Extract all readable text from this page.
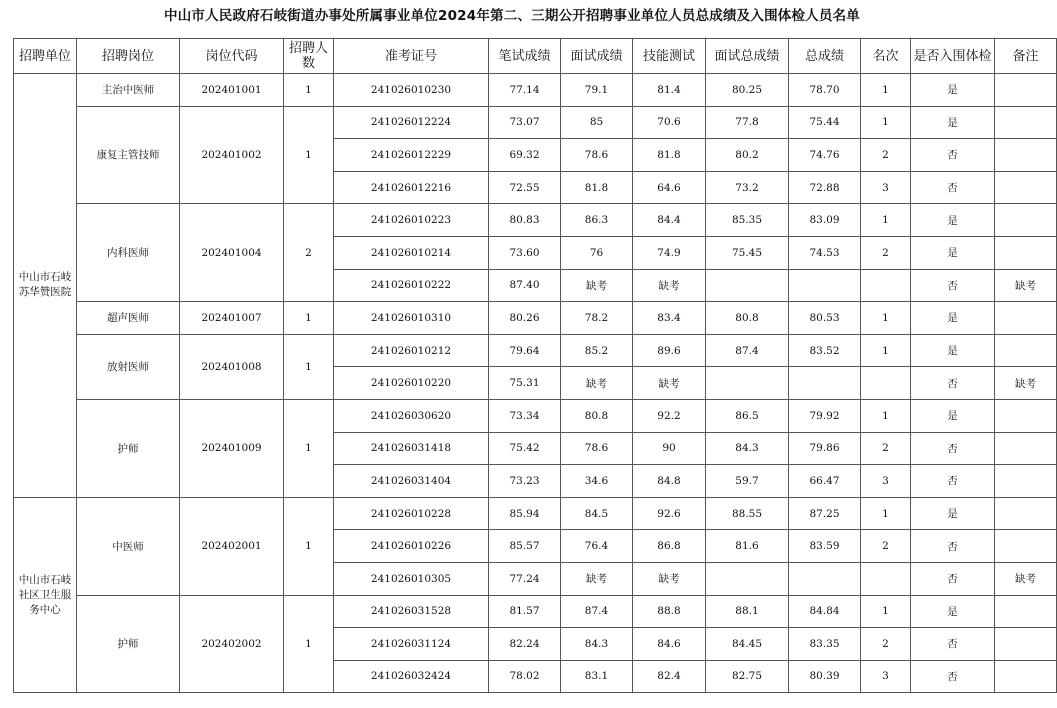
中山市人民政府石岐街道办事处所属事业单位2024年第二、三期公开招聘事业单位人员总成绩及入围体检人员名单
招聘单位	招聘岗位	岗位代码	招聘人数	准考证号	笔试成绩	面试成绩	技能测试	面试总成绩	总成绩	名次	是否入围体检	备注
中山市石岐苏华赞医院	主治中医师	202401001	1	241026010230	77.14	79.1	81.4	80.25	78.70	1	是	
	康复主管技师	202401002	1	241026012224	73.07	85	70.6	77.8	75.44	1	是	
				241026012229	69.32	78.6	81.8	80.2	74.76	2	否	
				241026012216	72.55	81.8	64.6	73.2	72.88	3	否	
	内科医师	202401004	2	241026010223	80.83	86.3	84.4	85.35	83.09	1	是	
				241026010214	73.60	76	74.9	75.45	74.53	2	是	
				241026010222	87.40	缺考	缺考				否	缺考
	超声医师	202401007	1	241026010310	80.26	78.2	83.4	80.8	80.53	1	是	
	放射医师	202401008	1	241026010212	79.64	85.2	89.6	87.4	83.52	1	是	
				241026010220	75.31	缺考	缺考				否	缺考
	护师	202401009	1	241026030620	73.34	80.8	92.2	86.5	79.92	1	是	
				241026031418	75.42	78.6	90	84.3	79.86	2	否	
				241026031404	73.23	34.6	84.8	59.7	66.47	3	否	
中山市石岐社区卫生服务中心	中医师	202402001	1	241026010228	85.94	84.5	92.6	88.55	87.25	1	是	
				241026010226	85.57	76.4	86.8	81.6	83.59	2	否	
				241026010305	77.24	缺考	缺考				否	缺考
	护师	202402002	1	241026031528	81.57	87.4	88.8	88.1	84.84	1	是	
				241026031124	82.24	84.3	84.6	84.45	83.35	2	否	
				241026032424	78.02	83.1	82.4	82.75	80.39	3	否	
